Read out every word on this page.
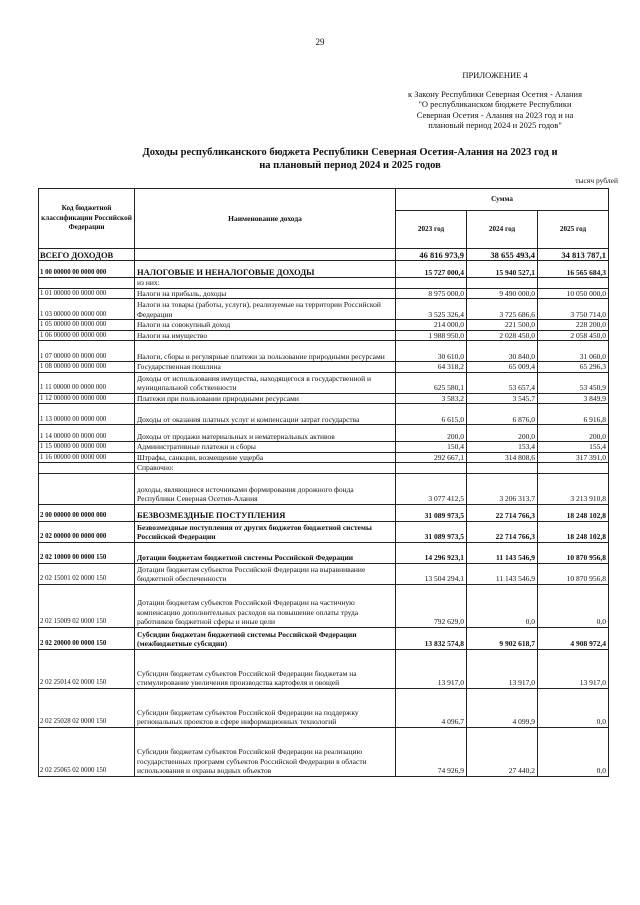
29
ПРИЛОЖЕНИЕ 4
к Закону Республики Северная Осетия - Алания
"О республиканском бюджете Республики
Северная Осетия - Алания на 2023 год и на
плановый период 2024 и 2025 годов"
Доходы республиканского бюджета Республики Северная Осетия-Алания на 2023 год и
на плановый период 2024 и 2025 годов
тысяч рублей
Код бюджетной классификации Российской Федерации	Наименование дохода	Сумма		
		2023 год	2024 год	2025 год
ВСЕГО ДОХОДОВ		46 816 973,9	38 655 493,4	34 813 787,1
1 00 00000 00 0000 000	НАЛОГОВЫЕ И НЕНАЛОГОВЫЕ ДОХОДЫ	15 727 000,4	15 940 527,1	16 565 684,3
	из них:			
1 01 00000 00 0000 000	Налоги на прибыль, доходы	8 975 000,0	9 490 000,0	10 050 000,0
1 03 00000 00 0000 000	Налоги на товары (работы, услуги), реализуемые на территории Российской Федерации	3 525 326,4	3 725 686,6	3 750 714,0
1 05 00000 00 0000 000	Налоги на совокупный доход	214 000,0	221 500,0	228 200,0
1 06 00000 00 0000 000	Налоги на имущество	1 988 950,0	2 028 450,0	2 058 450,0
1 07 00000 00 0000 000	Налоги, сборы и регулярные платежи за пользование природными ресурсами	30 610,0	30 840,0	31 060,0
1 08 00000 00 0000 000	Государственная пошлина	64 318,2	65 009,4	65 296,3
1 11 00000 00 0000 000	Доходы от использования имущества, находящегося в государственной и муниципальной собственности	625 580,1	53 657,4	53 450,9
1 12 00000 00 0000 000	Платежи при пользовании природными ресурсами	3 583,2	3 545,7	3 849,9
1 13 00000 00 0000 000	Доходы от оказания платных услуг и компенсации затрат государства	6 615,0	6 876,0	6 916,8
1 14 00000 00 0000 000	Доходы от продажи материальных и нематериальных активов	200,0	200,0	200,0
1 15 00000 00 0000 000	Административные платежи и сборы	150,4	153,4	155,4
1 16 00000 00 0000 000	Штрафы, санкции, возмещение ущерба	292 667,1	314 808,6	317 391,0
	Справочно:			
	доходы, являющиеся источниками формирования дорожного фонда Республики Северная Осетия-Алания	3 077 412,5	3 206 313,7	3 213 910,8
2 00 00000 00 0000 000	БЕЗВОЗМЕЗДНЫЕ ПОСТУПЛЕНИЯ	31 089 973,5	22 714 766,3	18 248 102,8
2 02 00000 00 0000 000	Безвозмездные поступления от других бюджетов бюджетной системы Российской Федерации	31 089 973,5	22 714 766,3	18 248 102,8
2 02 10000 00 0000 150	Дотации бюджетам бюджетной системы Российской Федерации	14 296 923,1	11 143 546,9	10 870 956,8
2 02 15001 02 0000 150	Дотации бюджетам субъектов Российской Федерации на выравнивание бюджетной обеспеченности	13 504 294,1	11 143 546,9	10 870 956,8
2 02 15009 02 0000 150	Дотации бюджетам субъектов Российской Федерации на частичную компенсацию дополнительных расходов на повышение оплаты труда работников бюджетной сферы и иные цели	792 629,0	0,0	0,0
2 02 20000 00 0000 150	Субсидии бюджетам бюджетной системы Российской Федерации (межбюджетные субсидии)	13 832 574,8	9 902 618,7	4 908 972,4
2 02 25014 02 0000 150	Субсидии бюджетам субъектов Российской Федерации бюджетам на стимулирование увеличения производства картофеля и овощей	13 917,0	13 917,0	13 917,0
2 02 25028 02 0000 150	Субсидии бюджетам субъектов Российской Федерации на поддержку региональных проектов в сфере информационных технологий	4 096,7	4 099,9	0,0
2 02 25065 02 0000 150	Субсидии бюджетам субъектов Российской Федерации на реализацию государственных программ субъектов Российской Федерации в области использования и охраны водных объектов	74 926,9	27 440,2	0,0
